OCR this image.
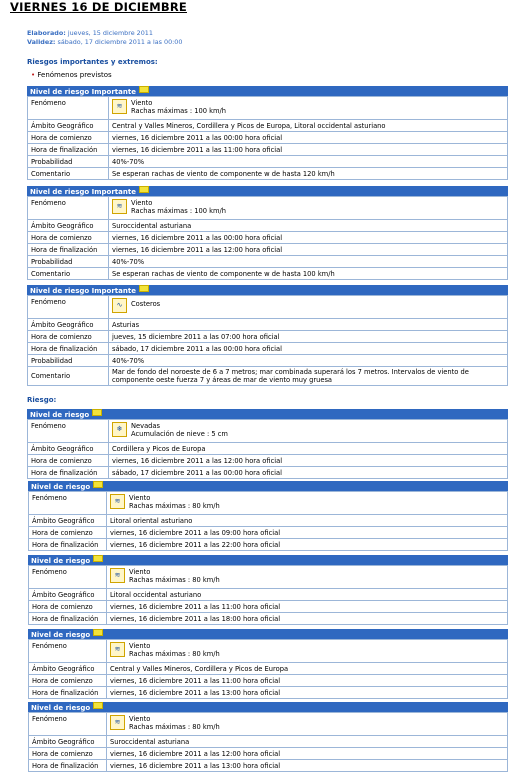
VIERNES 16 DE DICIEMBRE
Elaborado: jueves, 15 diciembre 2011
Validez: sábado, 17 diciembre 2011 a las 00:00
Riesgos importantes y extremos:
• Fenómenos previstos
Nivel de riesgo Importante
Fenómeno	≋ Viento
Rachas máximas : 100 km/h
Ámbito Geográfico	Central y Valles Mineros, Cordillera y Picos de Europa, Litoral occidental asturiano
Hora de comienzo	viernes, 16 diciembre 2011 a las 00:00 hora oficial
Hora de finalización	viernes, 16 diciembre 2011 a las 11:00 hora oficial
Probabilidad	40%-70%
Comentario	Se esperan rachas de viento de componente w de hasta 120 km/h
Nivel de riesgo Importante
Fenómeno	≋ Viento
Rachas máximas : 100 km/h
Ámbito Geográfico	Suroccidental asturiana
Hora de comienzo	viernes, 16 diciembre 2011 a las 00:00 hora oficial
Hora de finalización	viernes, 16 diciembre 2011 a las 12:00 hora oficial
Probabilidad	40%-70%
Comentario	Se esperan rachas de viento de componente w de hasta 100 km/h
Nivel de riesgo Importante
Fenómeno	∿ Costeros
Ámbito Geográfico	Asturias
Hora de comienzo	jueves, 15 diciembre 2011 a las 07:00 hora oficial
Hora de finalización	sábado, 17 diciembre 2011 a las 00:00 hora oficial
Probabilidad	40%-70%
Comentario	Mar de fondo del noroeste de 6 a 7 metros; mar combinada superará los 7 metros. Intervalos de viento de componente oeste fuerza 7 y áreas de mar de viento muy gruesa
Riesgo:
Nivel de riesgo
Fenómeno	❄ Nevadas
Acumulación de nieve : 5 cm
Ámbito Geográfico	Cordillera y Picos de Europa
Hora de comienzo	viernes, 16 diciembre 2011 a las 12:00 hora oficial
Hora de finalización	sábado, 17 diciembre 2011 a las 00:00 hora oficial
Nivel de riesgo
Fenómeno	≋ Viento
Rachas máximas : 80 km/h
Ámbito Geográfico	Litoral oriental asturiano
Hora de comienzo	viernes, 16 diciembre 2011 a las 09:00 hora oficial
Hora de finalización	viernes, 16 diciembre 2011 a las 22:00 hora oficial
Nivel de riesgo
Fenómeno	≋ Viento
Rachas máximas : 80 km/h
Ámbito Geográfico	Litoral occidental asturiano
Hora de comienzo	viernes, 16 diciembre 2011 a las 11:00 hora oficial
Hora de finalización	viernes, 16 diciembre 2011 a las 18:00 hora oficial
Nivel de riesgo
Fenómeno	≋ Viento
Rachas máximas : 80 km/h
Ámbito Geográfico	Central y Valles Mineros, Cordillera y Picos de Europa
Hora de comienzo	viernes, 16 diciembre 2011 a las 11:00 hora oficial
Hora de finalización	viernes, 16 diciembre 2011 a las 13:00 hora oficial
Nivel de riesgo
Fenómeno	≋ Viento
Rachas máximas : 80 km/h
Ámbito Geográfico	Suroccidental asturiana
Hora de comienzo	viernes, 16 diciembre 2011 a las 12:00 hora oficial
Hora de finalización	viernes, 16 diciembre 2011 a las 13:00 hora oficial
